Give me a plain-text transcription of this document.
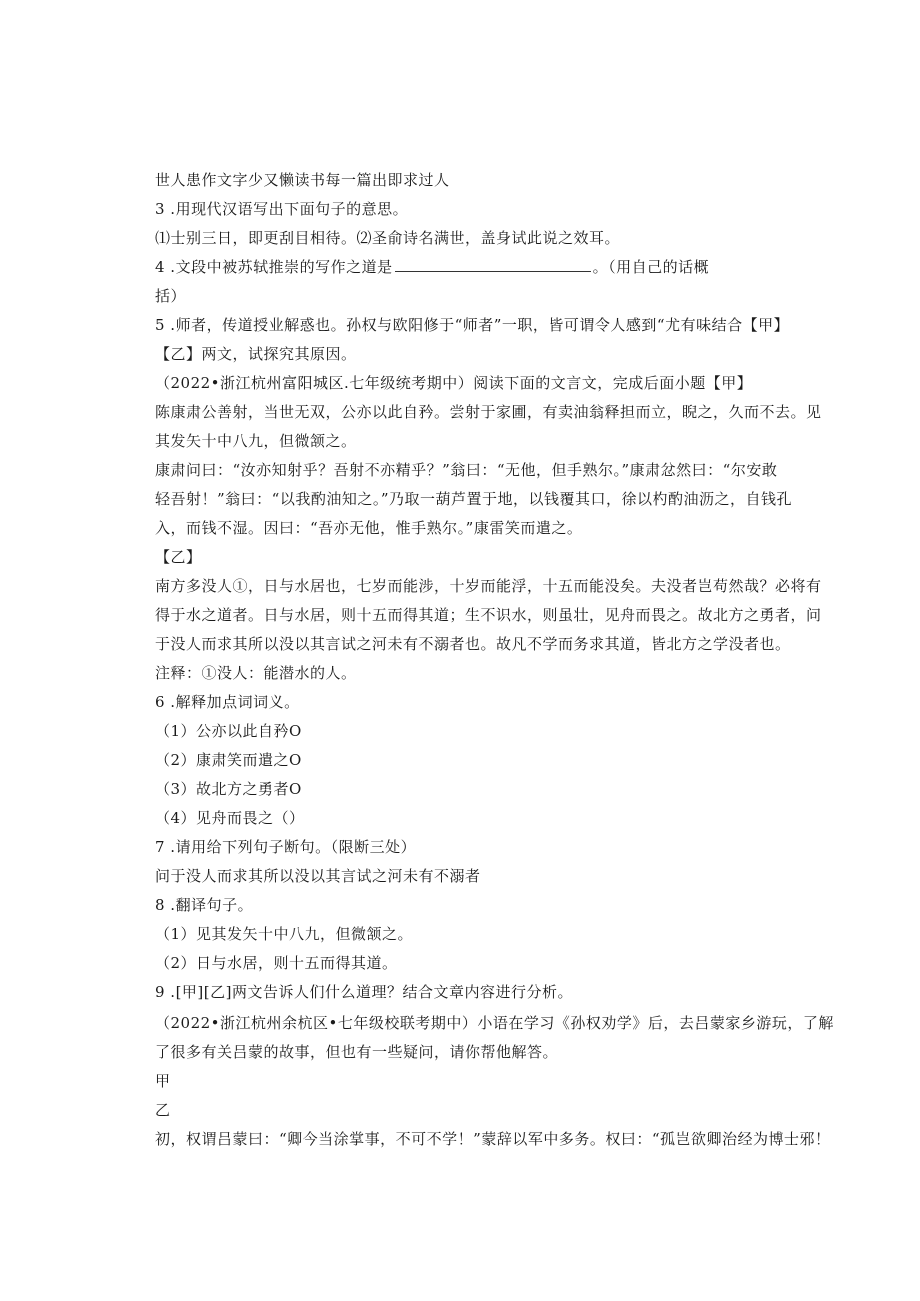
世人患作文字少又懒读书每一篇出即求过人
3 .用现代汉语写出下面句子的意思。
⑴士别三日，即更刮目相待。⑵圣俞诗名满世，盖身试此说之效耳。
4 .文段中被苏轼推崇的写作之道是	。（用自己的话概
括）
5 .师者，传道授业解惑也。孙权与欧阳修于“师者”一职，皆可谓令人感到“尤有味结合【甲】
【乙】两文，试探究其原因。
（2022•浙江杭州富阳城区.七年级统考期中）阅读下面的文言文，完成后面小题【甲】
陈康肃公善射，当世无双，公亦以此自矜。尝射于家圃，有卖油翁释担而立，睨之，久而不去。见
其发矢十中八九，但微颔之。
康肃问曰：“汝亦知射乎？吾射不亦精乎？”翁曰：“无他，但手熟尔。”康肃忿然曰：“尔安敢
轻吾射！”翁曰：“以我酌油知之。”乃取一葫芦置于地，以钱覆其口，徐以杓酌油沥之，自钱孔
入，而钱不湿。因曰：“吾亦无他，惟手熟尔。”康雷笑而遣之。
【乙】
南方多没人①，日与水居也，七岁而能涉，十岁而能浮，十五而能没矣。夫没者岂苟然哉？必将有
得于水之道者。日与水居，则十五而得其道；生不识水，则虽壮，见舟而畏之。故北方之勇者，问
于没人而求其所以没以其言试之河未有不溺者也。故凡不学而务求其道，皆北方之学没者也。
注释：①没人：能潜水的人。
6 .解释加点词词义。
（1）公亦以此自矜O
（2）康肃笑而遣之O
（3）故北方之勇者O
（4）见舟而畏之（）
7 .请用给下列句子断句。（限断三处）
问于没人而求其所以没以其言试之河未有不溺者
8 .翻译句子。
（1）见其发矢十中八九，但微颔之。
（2）日与水居，则十五而得其道。
9 .[甲][乙]两文告诉人们什么道理？结合文章内容进行分析。
（2022•浙江杭州余杭区•七年级校联考期中）小语在学习《孙权劝学》后，去吕蒙家乡游玩，了解
了很多有关吕蒙的故事，但也有一些疑问，请你帮他解答。
甲
乙
初，权谓吕蒙曰：“卿今当涂掌事，不可不学！”蒙辞以军中多务。权曰：“孤岂欲卿治经为博士邪！
